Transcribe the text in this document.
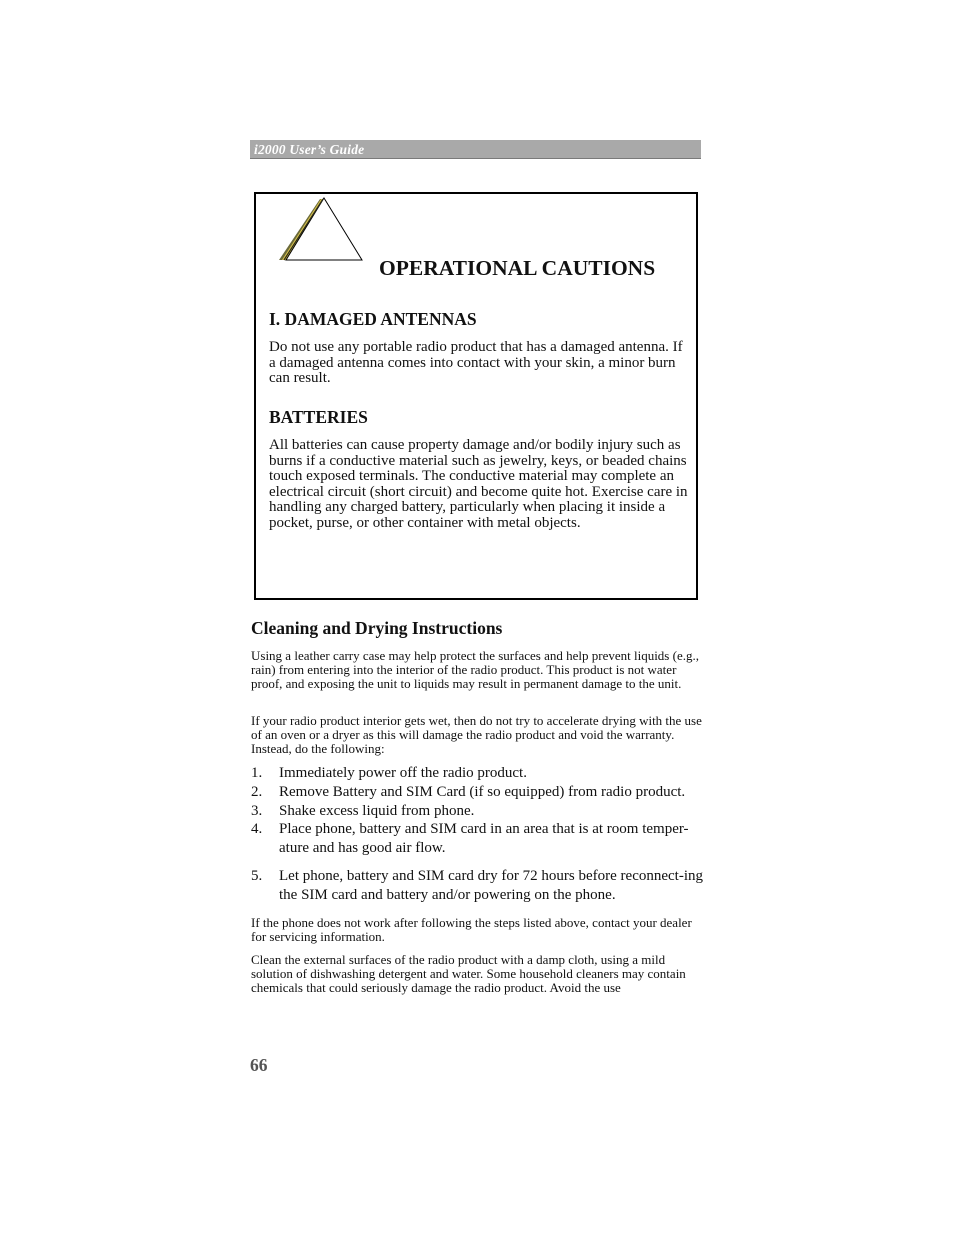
i2000 User’s Guide
OPERATIONAL CAUTIONS
I. DAMAGED ANTENNAS

Do not use any portable radio product that has a damaged antenna. If a damaged antenna comes into contact with your skin, a minor burn can result.

BATTERIES

All batteries can cause property damage and/or bodily injury such as burns if a conductive material such as jewelry, keys, or beaded chains touch exposed terminals. The conductive material may complete an electrical circuit (short circuit) and become quite hot. Exercise care in handling any charged battery, particularly when placing it inside a pocket, purse, or other container with metal objects.

Cleaning and Drying Instructions

Using a leather carry case may help protect the surfaces and help prevent liquids (e.g., rain) from entering into the interior of the radio product. This product is not water proof, and exposing the unit to liquids may result in permanent damage to the unit.

If your radio product interior gets wet, then do not try to accelerate drying with the use of an oven or a dryer as this will damage the radio product and void the warranty. Instead, do the following:

1. Immediately power off the radio product.
2. Remove Battery and SIM Card (if so equipped) from radio product.
3. Shake excess liquid from phone.
4. Place phone, battery and SIM card in an area that is at room temper-ature and has good air flow.
5. Let phone, battery and SIM card dry for 72 hours before reconnect-ing the SIM card and battery and/or powering on the phone.

If the phone does not work after following the steps listed above, contact your dealer for servicing information.

Clean the external surfaces of the radio product with a damp cloth, using a mild solution of dishwashing detergent and water. Some household cleaners may contain chemicals that could seriously damage the radio product. Avoid the use

66
